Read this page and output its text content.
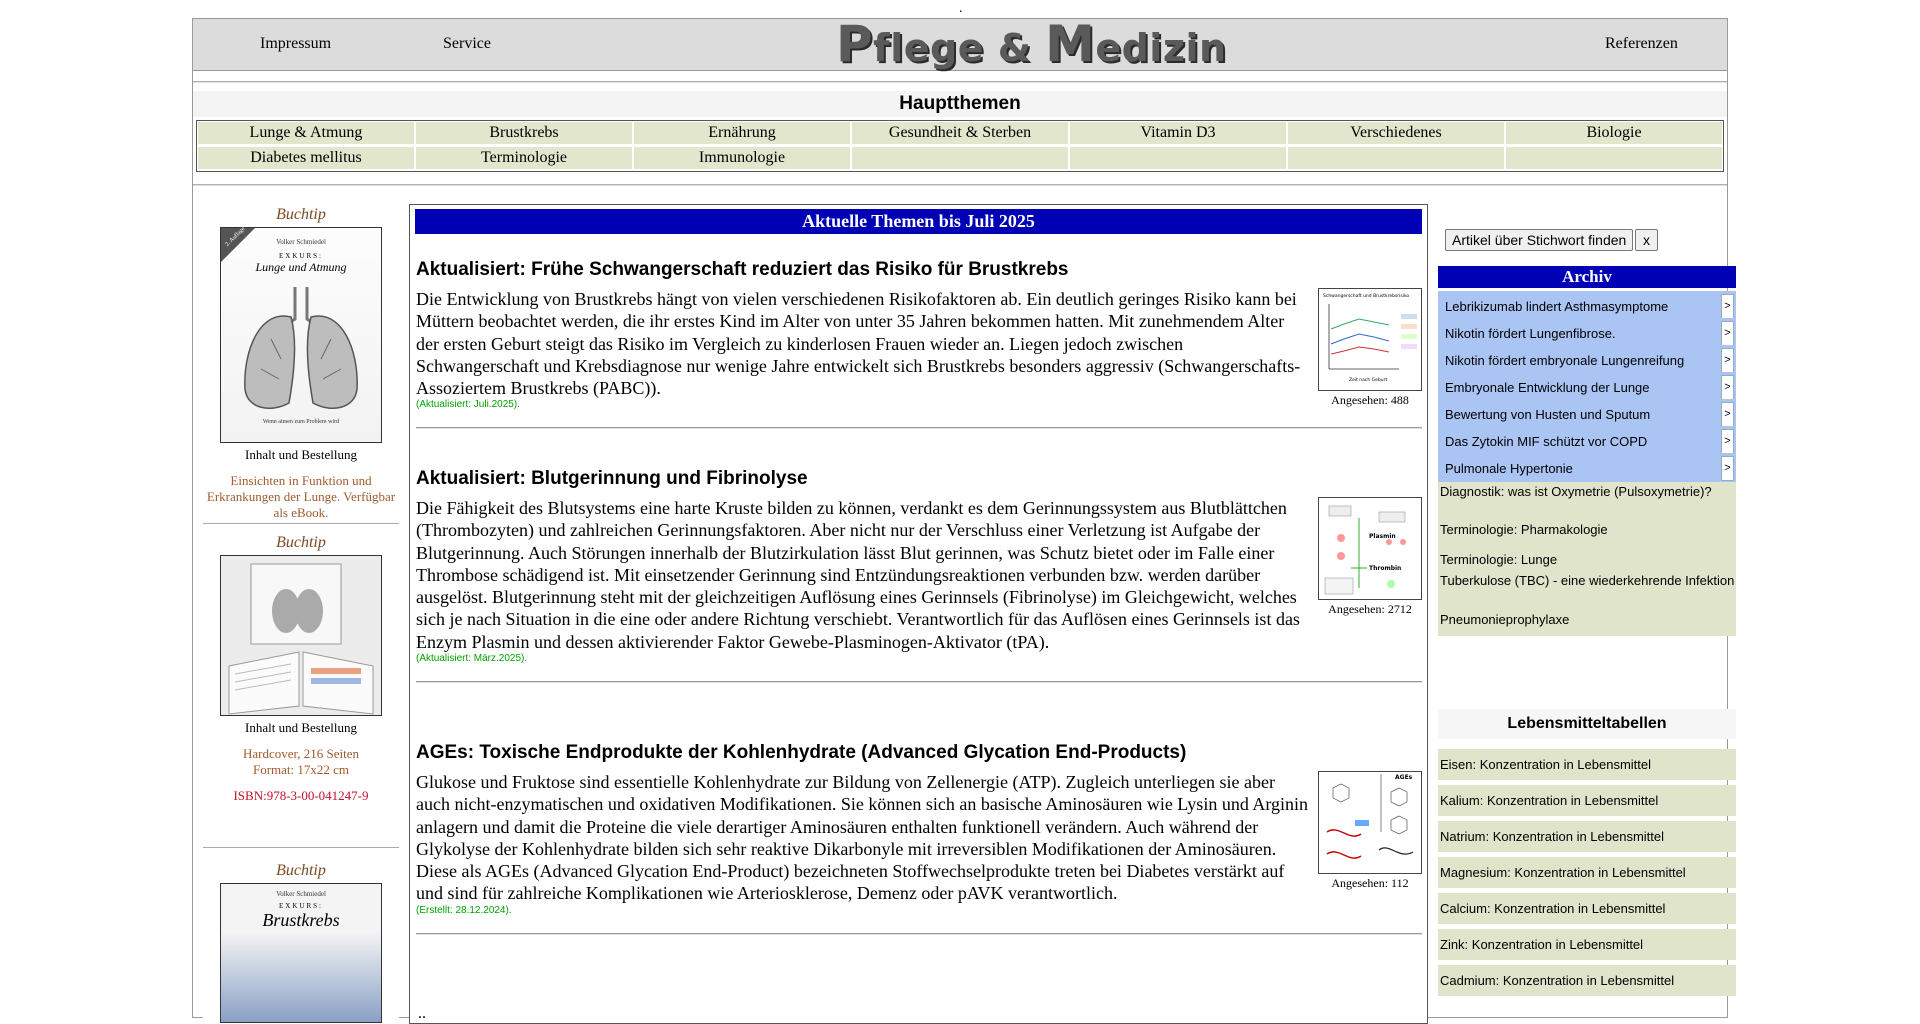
.
Impressum	Service	Pflege & Medizin	Referenzen
Hauptthemen
Lunge & Atmung	Brustkrebs	Ernährung	Gesundheit & Sterben	Vitamin D3	Verschiedenes	Biologie
Diabetes mellitus	Terminologie	Immunologie
Buchtip
2. Auflage	Volker Schmiedel
EXKURS:
Lunge und Atmung
Wenn atmen zum Problem wird
Inhalt und Bestellung
Einsichten in Funktion und Erkrankungen der Lunge. Verfügbar als eBook.
Buchtip
Inhalt und Bestellung
Hardcover, 216 Seiten Format: 17x22 cm
ISBN:978-3-00-041247-9
Buchtip
Volker Schmiedel
EXKURS:
Brustkrebs
Aktuelle Themen bis Juli 2025
Aktualisiert: Frühe Schwangerschaft reduziert das Risiko für Brustkrebs
Die Entwicklung von Brustkrebs hängt von vielen verschiedenen Risikofaktoren ab. Ein deutlich geringes Risiko kann bei Müttern beobachtet werden, die ihr erstes Kind im Alter von unter 35 Jahren bekommen hatten. Mit zunehmendem Alter der ersten Geburt steigt das Risiko im Vergleich zu kinderlosen Frauen wieder an. Liegen jedoch zwischen Schwangerschaft und Krebsdiagnose nur wenige Jahre entwickelt sich Brustkrebs besonders aggressiv (Schwangerschafts-Assoziertem Brustkrebs (PABC)).
(Aktualisiert: Juli.2025).
Schwangerschaft und Brustkrebsrisiko
Zeit nach Geburt
Angesehen: 488
Aktualisiert: Blutgerinnung und Fibrinolyse
Die Fähigkeit des Blutsystems eine harte Kruste bilden zu können, verdankt es dem Gerinnungssystem aus Blutblättchen (Thrombozyten) und zahlreichen Gerinnungsfaktoren. Aber nicht nur der Verschluss einer Verletzung ist Aufgabe der Blutgerinnung. Auch Störungen innerhalb der Blutzirkulation lässt Blut gerinnen, was Schutz bietet oder im Falle einer Thrombose schädigend ist. Mit einsetzender Gerinnung sind Entzündungsreaktionen verbunden bzw. werden darüber ausgelöst. Blutgerinnung steht mit der gleichzeitigen Auflösung eines Gerinnsels (Fibrinolyse) im Gleichgewicht, welches sich je nach Situation in die eine oder andere Richtung verschiebt. Verantwortlich für das Auflösen eines Gerinnsels ist das Enzym Plasmin und dessen aktivierender Faktor Gewebe-Plasminogen-Aktivator (tPA).
(Aktualisiert: März.2025).
Plasmin
Thrombin
Angesehen: 2712
AGEs: Toxische Endprodukte der Kohlenhydrate (Advanced Glycation End-Products)
Glukose und Fruktose sind essentielle Kohlenhydrate zur Bildung von Zellenergie (ATP). Zugleich unterliegen sie aber auch nicht-enzymatischen und oxidativen Modifikationen. Sie können sich an basische Aminosäuren wie Lysin und Arginin anlagern und damit die Proteine die viele derartiger Aminosäuren enthalten funktionell verändern. Auch während der Glykolyse der Kohlenhydrate bilden sich sehr reaktive Dikarbonyle mit irreversiblen Modifikationen der Aminosäuren. Diese als AGEs (Advanced Glycation End-Product) bezeichneten Stoffwechselprodukte treten bei Diabetes verstärkt auf und sind für zahlreiche Komplikationen wie Arteriosklerose, Demenz oder pAVK verantwortlich.
(Erstellt: 28.12.2024).
AGEs
Angesehen: 112
..
Artikel über Stichwort finden	x
Archiv
Lebrikizumab lindert Asthmasymptome	>
Nikotin fördert Lungenfibrose.	>
Nikotin fördert embryonale Lungenreifung	>
Embryonale Entwicklung der Lunge	>
Bewertung von Husten und Sputum	>
Das Zytokin MIF schützt vor COPD	>
Pulmonale Hypertonie	>
Diagnostik: was ist Oxymetrie (Pulsoxymetrie)?
Terminologie: Pharmakologie
Terminologie: Lunge
Tuberkulose (TBC) - eine wiederkehrende Infektion
Pneumonieprophylaxe
Lebensmitteltabellen
Eisen: Konzentration in Lebensmittel
Kalium: Konzentration in Lebensmittel
Natrium: Konzentration in Lebensmittel
Magnesium: Konzentration in Lebensmittel
Calcium: Konzentration in Lebensmittel
Zink: Konzentration in Lebensmittel
Cadmium: Konzentration in Lebensmittel
